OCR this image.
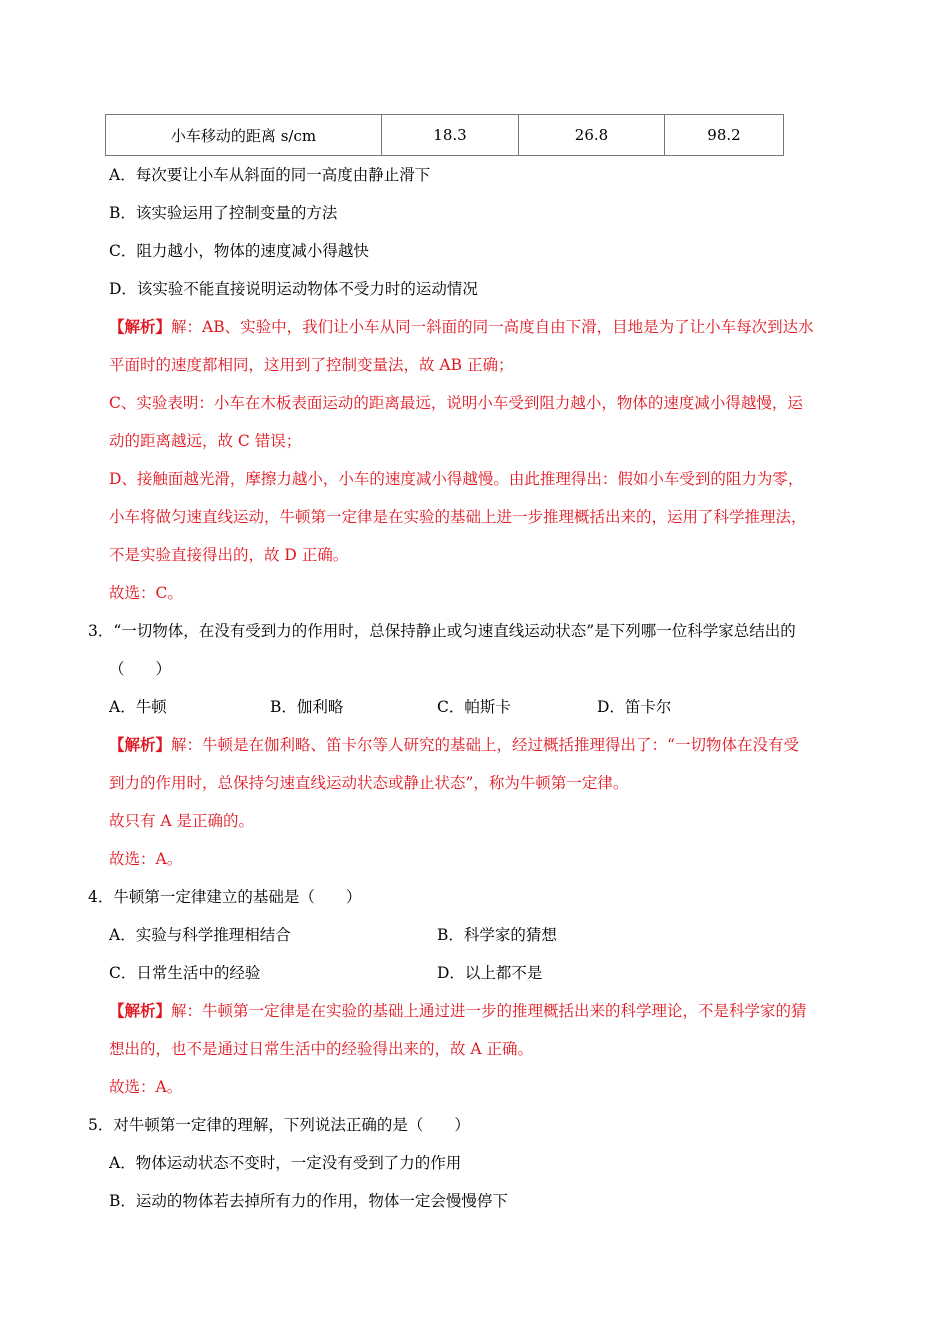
小车移动的距离 s/cm	18.3	26.8	98.2
A．每次要让小车从斜面的同一高度由静止滑下
B．该实验运用了控制变量的方法
C．阻力越小，物体的速度减小得越快
D．该实验不能直接说明运动物体不受力时的运动情况
【解析】解：AB、实验中，我们让小车从同一斜面的同一高度自由下滑，目地是为了让小车每次到达水
平面时的速度都相同，这用到了控制变量法，故 AB 正确；
C、实验表明：小车在木板表面运动的距离最远，说明小车受到阻力越小，物体的速度减小得越慢，运
动的距离越远，故 C 错误；
D、接触面越光滑，摩擦力越小，小车的速度减小得越慢。由此推理得出：假如小车受到的阻力为零，
小车将做匀速直线运动，牛顿第一定律是在实验的基础上进一步推理概括出来的，运用了科学推理法，
不是实验直接得出的，故 D 正确。
故选：C。
3．“一切物体，在没有受到力的作用时，总保持静止或匀速直线运动状态”是下列哪一位科学家总结出的
（　　）
A．牛顿	B．伽利略	C．帕斯卡	D．笛卡尔
【解析】解：牛顿是在伽利略、笛卡尔等人研究的基础上，经过概括推理得出了：“一切物体在没有受
到力的作用时，总保持匀速直线运动状态或静止状态”，称为牛顿第一定律。
故只有 A 是正确的。
故选：A。
4．牛顿第一定律建立的基础是（　　）
A．实验与科学推理相结合	B．科学家的猜想
C．日常生活中的经验	D．以上都不是
【解析】解：牛顿第一定律是在实验的基础上通过进一步的推理概括出来的科学理论，不是科学家的猜
想出的，也不是通过日常生活中的经验得出来的，故 A 正确。
故选：A。
5．对牛顿第一定律的理解，下列说法正确的是（　　）
A．物体运动状态不变时，一定没有受到了力的作用
B．运动的物体若去掉所有力的作用，物体一定会慢慢停下
